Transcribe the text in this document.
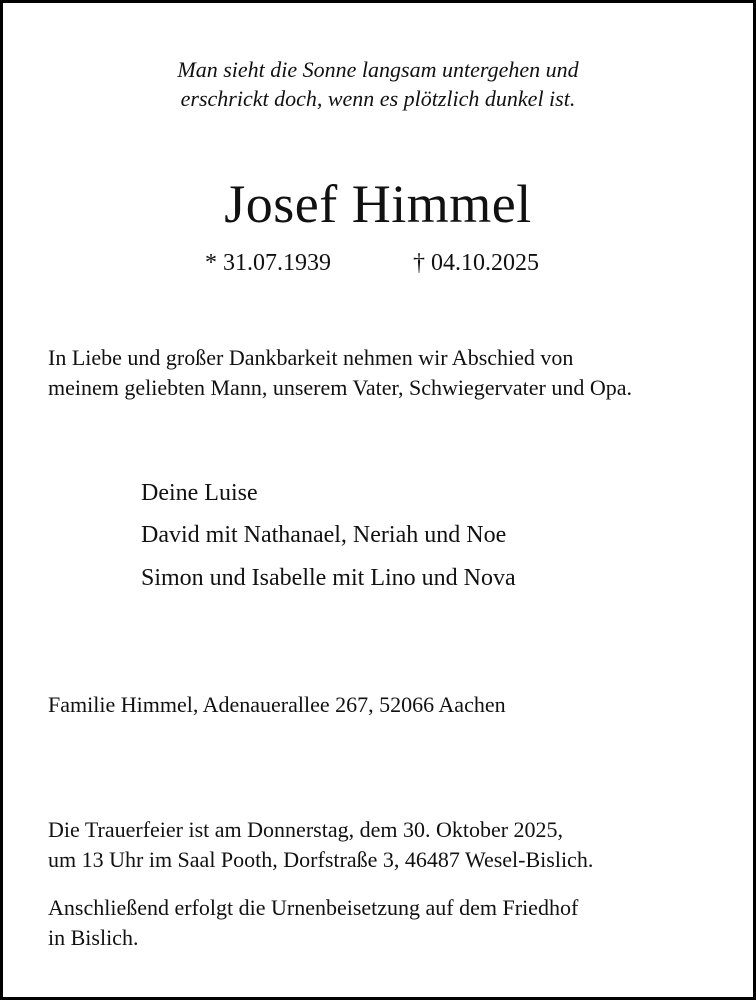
Man sieht die Sonne langsam untergehen und
erschrickt doch, wenn es plötzlich dunkel ist.
Josef Himmel
* 31.07.1939	† 04.10.2025
In Liebe und großer Dankbarkeit nehmen wir Abschied von
meinem geliebten Mann, unserem Vater, Schwiegervater und Opa.
Deine Luise
David mit Nathanael, Neriah und Noe
Simon und Isabelle mit Lino und Nova
Familie Himmel, Adenauerallee 267, 52066 Aachen
Die Trauerfeier ist am Donnerstag, dem 30. Oktober 2025,
um 13 Uhr im Saal Pooth, Dorfstraße 3, 46487 Wesel-Bislich.
Anschließend erfolgt die Urnenbeisetzung auf dem Friedhof
in Bislich.
